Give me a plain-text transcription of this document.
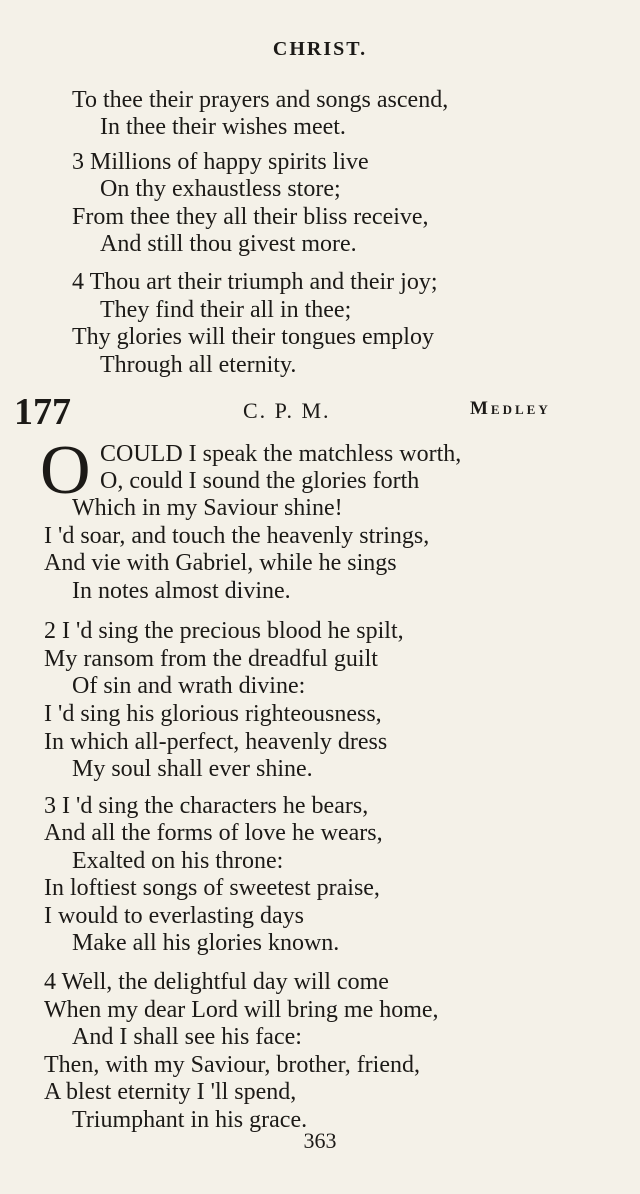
CHRIST.
To thee their prayers and songs ascend,
In thee their wishes meet.
3 Millions of happy spirits live
On thy exhaustless store;
From thee they all their bliss receive,
And still thou givest more.
4 Thou art their triumph and their joy;
They find their all in thee;
Thy glories will their tongues employ
Through all eternity.
177	C. P. M.	Medley
O COULD I speak the matchless worth,
O, could I sound the glories forth
Which in my Saviour shine!
I 'd soar, and touch the heavenly strings,
And vie with Gabriel, while he sings
In notes almost divine.
2 I 'd sing the precious blood he spilt,
My ransom from the dreadful guilt
Of sin and wrath divine:
I 'd sing his glorious righteousness,
In which all-perfect, heavenly dress
My soul shall ever shine.
3 I 'd sing the characters he bears,
And all the forms of love he wears,
Exalted on his throne:
In loftiest songs of sweetest praise,
I would to everlasting days
Make all his glories known.
4 Well, the delightful day will come
When my dear Lord will bring me home,
And I shall see his face:
Then, with my Saviour, brother, friend,
A blest eternity I 'll spend,
Triumphant in his grace.
363
